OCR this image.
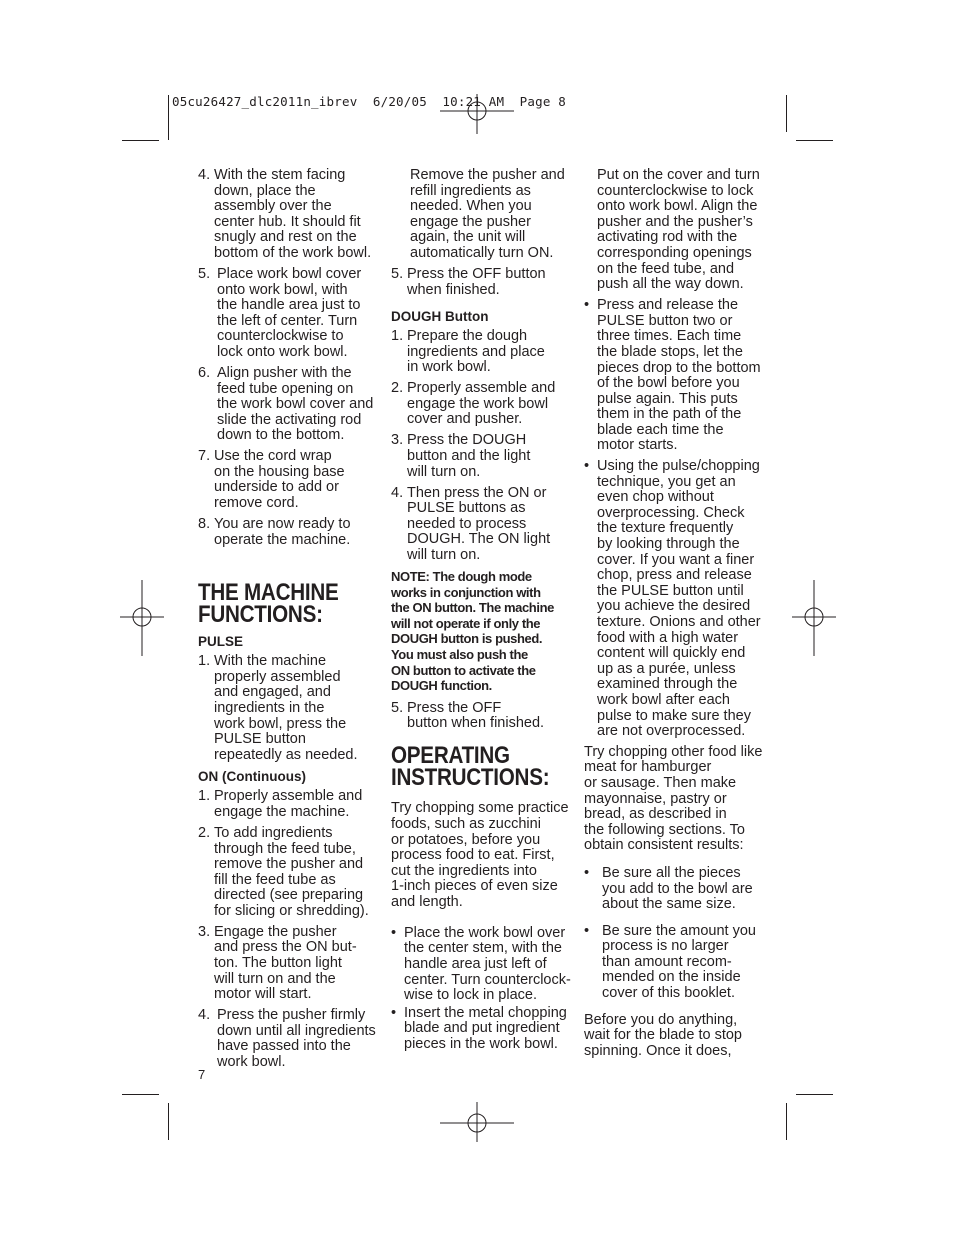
05cu26427_dlc2011n_ibrev  6/20/05  10:21 AM  Page 8
4. With the stem facing
down, place the
assembly over the
center hub. It should fit
snugly and rest on the
bottom of the work bowl.
5. Place work bowl cover
onto work bowl, with
the handle area just to
the left of center. Turn
counterclockwise to
lock onto work bowl.
6. Align pusher with the
feed tube opening on
the work bowl cover and
slide the activating rod
down to the bottom.
7. Use the cord wrap
on the housing base
underside to add or
remove cord.
8. You are now ready to
operate the machine.
THE MACHINE
FUNCTIONS:
PULSE
1. With the machine
properly assembled
and engaged, and
ingredients in the
work bowl, press the
PULSE button
repeatedly as needed.
ON (Continuous)
1. Properly assemble and
engage the machine.
2. To add ingredients
through the feed tube,
remove the pusher and
fill the feed tube as
directed (see preparing
for slicing or shredding).
3. Engage the pusher
and press the ON but-
ton. The button light
will turn on and the
motor will start.
4. Press the pusher firmly
down until all ingredients
have passed into the
work bowl.
7
Remove the pusher and
refill ingredients as
needed. When you
engage the pusher
again, the unit will
automatically turn ON.
5. Press the OFF button
when finished.
DOUGH Button
1. Prepare the dough
ingredients and place
in work bowl.
2. Properly assemble and
engage the work bowl
cover and pusher.
3. Press the DOUGH
button and the light
will turn on.
4. Then press the ON or
PULSE buttons as
needed to process
DOUGH. The ON light
will turn on.
NOTE: The dough mode
works in conjunction with
the ON button. The machine
will not operate if only the
DOUGH button is pushed.
You must also push the
ON button to activate the
DOUGH function.
5. Press the OFF
button when finished.
OPERATING
INSTRUCTIONS:
Try chopping some practice
foods, such as zucchini
or potatoes, before you
process food to eat. First,
cut the ingredients into
1-inch pieces of even size
and length.
• Place the work bowl over
the center stem, with the
handle area just left of
center. Turn counterclock-
wise to lock in place.
• Insert the metal chopping
blade and put ingredient
pieces in the work bowl.
Put on the cover and turn
counterclockwise to lock
onto work bowl. Align the
pusher and the pusher’s
activating rod with the
corresponding openings
on the feed tube, and
push all the way down.
• Press and release the
PULSE button two or
three times. Each time
the blade stops, let the
pieces drop to the bottom
of the bowl before you
pulse again. This puts
them in the path of the
blade each time the
motor starts.
• Using the pulse/chopping
technique, you get an
even chop without
overprocessing. Check
the texture frequently
by looking through the
cover. If you want a finer
chop, press and release
the PULSE button until
you achieve the desired
texture. Onions and other
food with a high water
content will quickly end
up as a purée, unless
examined through the
work bowl after each
pulse to make sure they
are not overprocessed.
Try chopping other food like
meat for hamburger
or sausage. Then make
mayonnaise, pastry or
bread, as described in
the following sections. To
obtain consistent results:
• Be sure all the pieces
you add to the bowl are
about the same size.
• Be sure the amount you
process is no larger
than amount recom-
mended on the inside
cover of this booklet.
Before you do anything,
wait for the blade to stop
spinning. Once it does,
